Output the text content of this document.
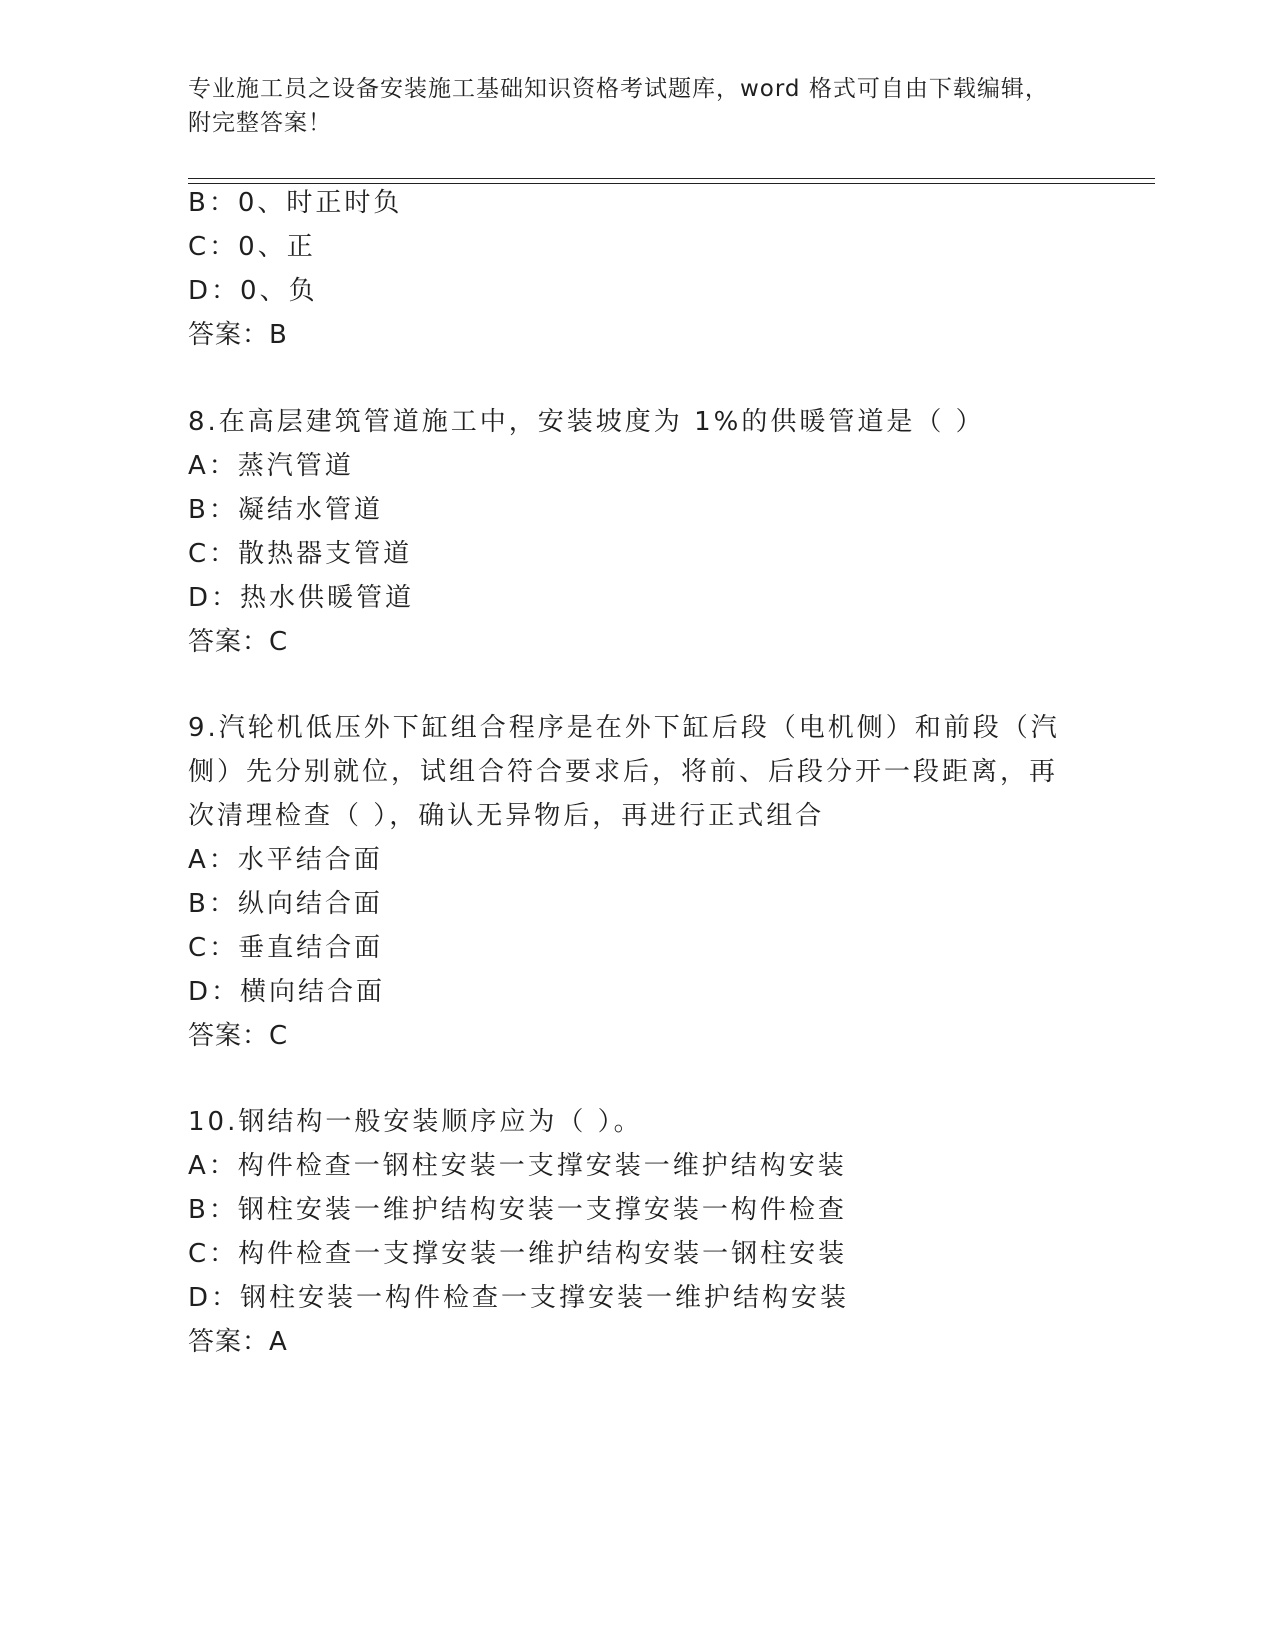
专业施工员之设备安装施工基础知识资格考试题库，word 格式可自由下载编辑，
附完整答案！
B：0、时正时负
C：0、正
D：0、负
答案：B
8.在高层建筑管道施工中，安装坡度为 1%的供暖管道是（ ）
A：蒸汽管道
B：凝结水管道
C：散热器支管道
D：热水供暖管道
答案：C
9.汽轮机低压外下缸组合程序是在外下缸后段（电机侧）和前段（汽
侧）先分别就位，试组合符合要求后，将前、后段分开一段距离，再
次清理检查（ ），确认无异物后，再进行正式组合
A：水平结合面
B：纵向结合面
C：垂直结合面
D：横向结合面
答案：C
10.钢结构一般安装顺序应为（ ）。
A：构件检查一钢柱安装一支撑安装一维护结构安装
B：钢柱安装一维护结构安装一支撑安装一构件检查
C：构件检查一支撑安装一维护结构安装一钢柱安装
D：钢柱安装一构件检查一支撑安装一维护结构安装
答案：A
